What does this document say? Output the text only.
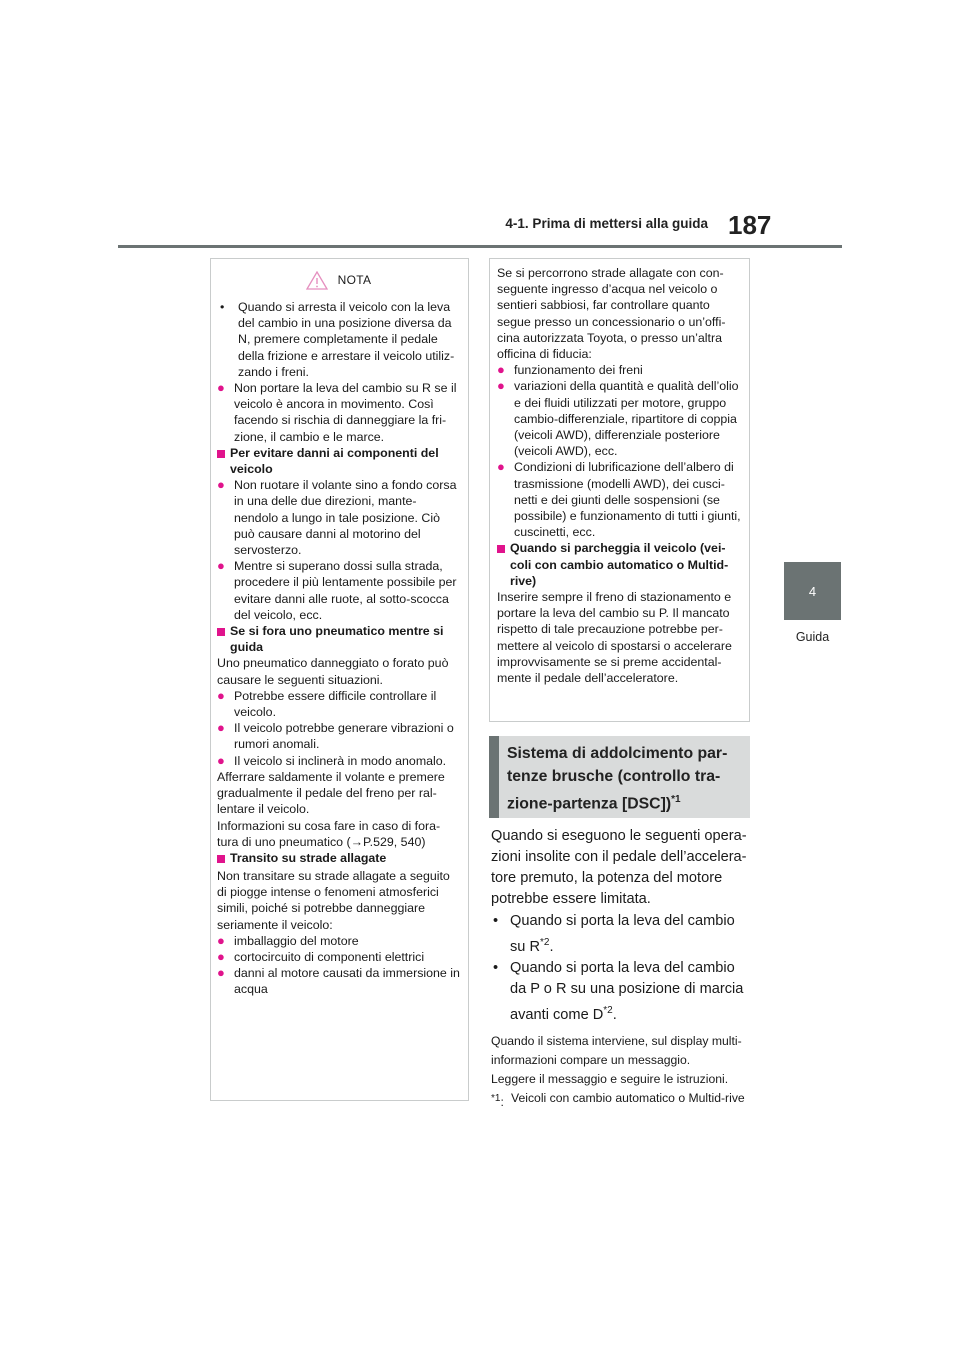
4-1. Prima di mettersi alla guida 187
4
Guida
NOTA
•	Quando si arresta il veicolo con la leva del cambio in una posizione diversa da N, premere completamente il pedale della frizione e arrestare il veicolo utiliz-zando i freni.
● Non portare la leva del cambio su R se il veicolo è ancora in movimento. Così facendo si rischia di danneggiare la fri-zione, il cambio e le marce.
Per evitare danni ai componenti del veicolo
● Non ruotare il volante sino a fondo corsa in una delle due direzioni, mante-nendolo a lungo in tale posizione. Ciò può causare danni al motorino del servosterzo.
● Mentre si superano dossi sulla strada, procedere il più lentamente possibile per evitare danni alle ruote, al sotto-scocca del veicolo, ecc.
Se si fora uno pneumatico mentre si guida
Uno pneumatico danneggiato o forato può causare le seguenti situazioni.
● Potrebbe essere difficile controllare il veicolo.
● Il veicolo potrebbe generare vibrazioni o rumori anomali.
● Il veicolo si inclinerà in modo anomalo.
Afferrare saldamente il volante e premere gradualmente il pedale del freno per ral-lentare il veicolo.
Informazioni su cosa fare in caso di fora-tura di uno pneumatico (→P.529, 540)
Transito su strade allagate
Non transitare su strade allagate a seguito di piogge intense o fenomeni atmosferici simili, poiché si potrebbe danneggiare seriamente il veicolo:
● imballaggio del motore
● cortocircuito di componenti elettrici
● danni al motore causati da immersione in acqua
Se si percorrono strade allagate con con-seguente ingresso d’acqua nel veicolo o sentieri sabbiosi, far controllare quanto segue presso un concessionario o un’offi-cina autorizzata Toyota, o presso un’altra officina di fiducia:
● funzionamento dei freni
● variazioni della quantità e qualità dell’olio e dei fluidi utilizzati per motore, gruppo cambio-differenziale, ripartitore di coppia (veicoli AWD), differenziale posteriore (veicoli AWD), ecc.
● Condizioni di lubrificazione dell’albero di trasmissione (modelli AWD), dei cusci-netti e dei giunti delle sospensioni (se possibile) e funzionamento di tutti i giunti, cuscinetti, ecc.
Quando si parcheggia il veicolo (vei-coli con cambio automatico o Multid-rive)
Inserire sempre il freno di stazionamento e portare la leva del cambio su P. Il mancato rispetto di tale precauzione potrebbe per-mettere al veicolo di spostarsi o accelerare improvvisamente se si preme accidental-mente il pedale dell’acceleratore.
Sistema di addolcimento par-
tenze brusche (controllo tra-
zione-partenza [DSC])$^{*1}$
Quando si eseguono le seguenti opera-zioni insolite con il pedale dell’accelera-tore premuto, la potenza del motore potrebbe essere limitata.
• Quando si porta la leva del cambio su $R^{*2}$.
• Quando si porta la leva del cambio da P o R su una posizione di marcia avanti come $D^{*2}$.
Quando il sistema interviene, sul display multi-informazioni compare un messaggio.
Leggere il messaggio e seguire le istruzioni.
$^{*1}$: Veicoli con cambio automatico o Multid-rive
